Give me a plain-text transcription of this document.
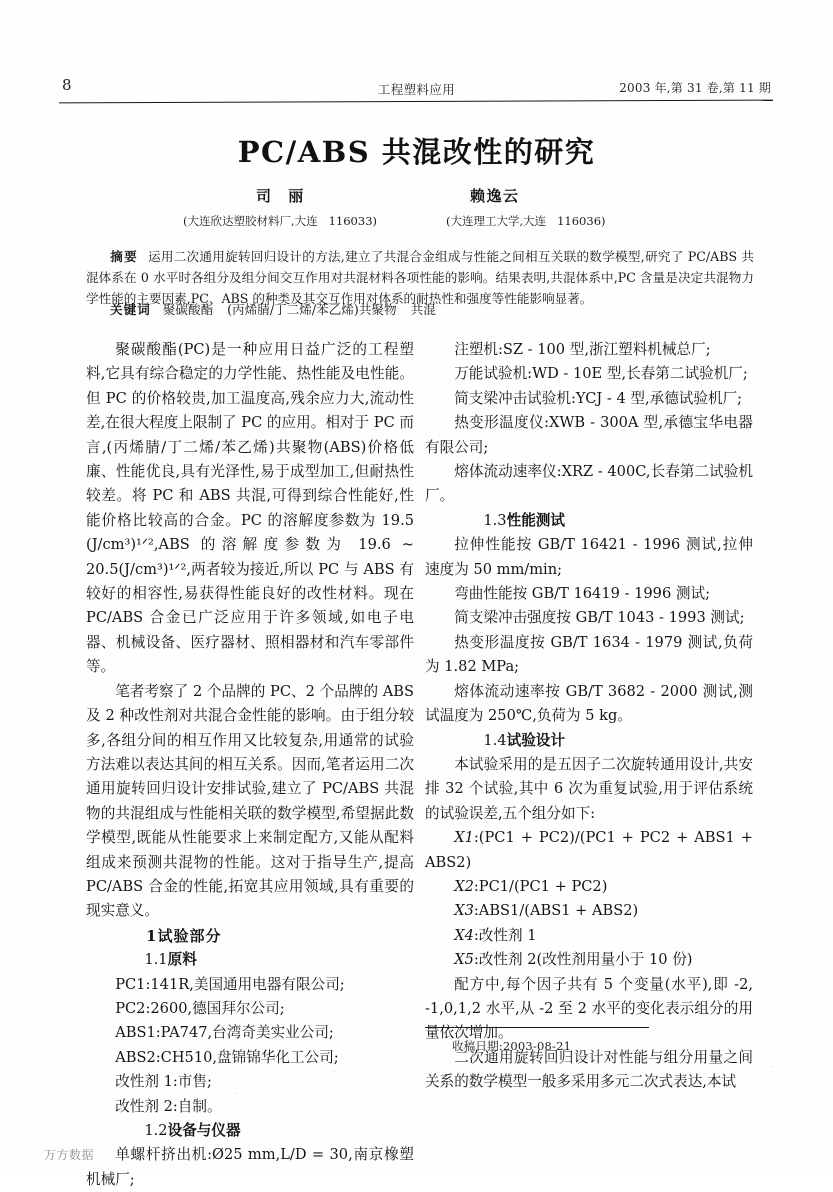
8	工程塑料应用	2003 年,第 31 卷,第 11 期
PC/ABS 共混改性的研究
司 丽	赖逸云
(大连欣达塑胶材料厂,大连   116033)	(大连理工大学,大连   116036)
摘要 运用二次通用旋转回归设计的方法,建立了共混合金组成与性能之间相互关联的数学模型,研究了 PC/ABS 共混体系在 0 水平时各组分及组分间交互作用对共混材料各项性能的影响。结果表明,共混体系中,PC 含量是决定共混物力学性能的主要因素,PC、ABS 的种类及其交互作用对体系的耐热性和强度等性能影响显著。
关键词 聚碳酸酯 (丙烯腈/丁二烯/苯乙烯)共聚物 共混

聚碳酸酯(PC)是一种应用日益广泛的工程塑料,它具有综合稳定的力学性能、热性能及电性能。但 PC 的价格较贵,加工温度高,残余应力大,流动性差,在很大程度上限制了 PC 的应用。相对于 PC 而言,(丙烯腈/丁二烯/苯乙烯)共聚物(ABS)价格低廉、性能优良,具有光泽性,易于成型加工,但耐热性较差。将 PC 和 ABS 共混,可得到综合性能好,性能价格比较高的合金。PC 的溶解度参数为 19.5 (J/cm³)¹ᐟ²,ABS 的溶解度参数为 19.6 ~ 20.5(J/cm³)¹ᐟ²,两者较为接近,所以 PC 与 ABS 有较好的相容性,易获得性能良好的改性材料。现在 PC/ABS 合金已广泛应用于许多领域,如电子电器、机械设备、医疗器材、照相器材和汽车零部件等。

笔者考察了 2 个品牌的 PC、2 个品牌的 ABS 及 2 种改性剂对共混合金性能的影响。由于组分较多,各组分间的相互作用又比较复杂,用通常的试验方法难以表达其间的相互关系。因而,笔者运用二次通用旋转回归设计安排试验,建立了 PC/ABS 共混物的共混组成与性能相关联的数学模型,希望据此数学模型,既能从性能要求上来制定配方,又能从配料组成来预测共混物的性能。这对于指导生产,提高 PC/ABS 合金的性能,拓宽其应用领域,具有重要的现实意义。

1试验部分

1.1原料

PC1:141R,美国通用电器有限公司;

PC2:2600,德国拜尔公司;

ABS1:PA747,台湾奇美实业公司;

ABS2:CH510,盘锦锦华化工公司;

改性剂 1:市售;

改性剂 2:自制。

1.2设备与仪器

单螺杆挤出机:Ø25 mm,L/D = 30,南京橡塑机械厂;

注塑机:SZ - 100 型,浙江塑料机械总厂;

万能试验机:WD - 10E 型,长春第二试验机厂;

简支梁冲击试验机:YCJ - 4 型,承德试验机厂;

热变形温度仪:XWB - 300A 型,承德宝华电器有限公司;

熔体流动速率仪:XRZ - 400C,长春第二试验机厂。

1.3性能测试

拉伸性能按 GB/T 16421 - 1996 测试,拉伸速度为 50 mm/min;

弯曲性能按 GB/T 16419 - 1996 测试;

简支梁冲击强度按 GB/T 1043 - 1993 测试;

热变形温度按 GB/T 1634 - 1979 测试,负荷为 1.82 MPa;

熔体流动速率按 GB/T 3682 - 2000 测试,测试温度为 250℃,负荷为 5 kg。

1.4试验设计

本试验采用的是五因子二次旋转通用设计,共安排 32 个试验,其中 6 次为重复试验,用于评估系统的试验误差,五个组分如下:

X1:(PC1 + PC2)/(PC1 + PC2 + ABS1 + ABS2)

X2:PC1/(PC1 + PC2)

X3:ABS1/(ABS1 + ABS2)

X4:改性剂 1

X5:改性剂 2(改性剂用量小于 10 份)

配方中,每个因子共有 5 个变量(水平),即 -2, -1,0,1,2 水平,从 -2 至 2 水平的变化表示组分的用量依次增加。

二次通用旋转回归设计对性能与组分用量之间关系的数学模型一般多采用多元二次式表达,本试

收稿日期:2003-08-21
万方数据
